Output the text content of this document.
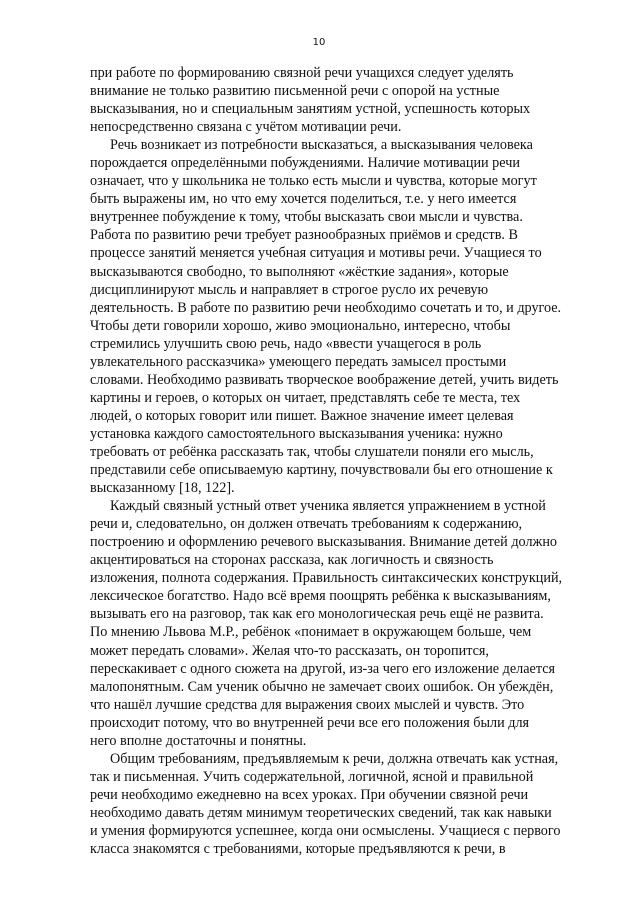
10
при работе по формированию связной речи учащихся следует уделять
внимание не только развитию письменной речи с опорой на устные
высказывания, но и специальным занятиям устной, успешность которых
непосредственно связана с учётом мотивации речи.
Речь возникает из потребности высказаться, а высказывания человека
порождается определёнными побуждениями. Наличие мотивации речи
означает, что у школьника не только есть мысли и чувства, которые могут
быть выражены им, но что ему хочется поделиться, т.е. у него имеется
внутреннее побуждение к тому, чтобы высказать свои мысли и чувства.
Работа по развитию речи требует разнообразных приёмов и средств. В
процессе занятий меняется учебная ситуация и мотивы речи. Учащиеся то
высказываются свободно, то выполняют «жёсткие задания», которые
дисциплинируют мысль и направляет в строгое русло их речевую
деятельность. В работе по развитию речи необходимо сочетать и то, и другое.
Чтобы дети говорили хорошо, живо эмоционально, интересно, чтобы
стремились улучшить свою речь, надо «ввести учащегося в роль
увлекательного рассказчика» умеющего передать замысел простыми
словами. Необходимо развивать творческое воображение детей, учить видеть
картины и героев, о которых он читает, представлять себе те места, тех
людей, о которых говорит или пишет. Важное значение имеет целевая
установка каждого самостоятельного высказывания ученика: нужно
требовать от ребёнка рассказать так, чтобы слушатели поняли его мысль,
представили себе описываемую картину, почувствовали бы его отношение к
высказанному [18, 122].
Каждый связный устный ответ ученика является упражнением в устной
речи и, следовательно, он должен отвечать требованиям к содержанию,
построению и оформлению речевого высказывания. Внимание детей должно
акцентироваться на сторонах рассказа, как логичность и связность
изложения, полнота содержания. Правильность синтаксических конструкций,
лексическое богатство. Надо всё время поощрять ребёнка к высказываниям,
вызывать его на разговор, так как его монологическая речь ещё не развита.
По мнению Львова М.Р., ребёнок «понимает в окружающем больше, чем
может передать словами». Желая что-то рассказать, он торопится,
перескакивает с одного сюжета на другой, из-за чего его изложение делается
малопонятным. Сам ученик обычно не замечает своих ошибок. Он убеждён,
что нашёл лучшие средства для выражения своих мыслей и чувств. Это
происходит потому, что во внутренней речи все его положения были для
него вполне достаточны и понятны.
Общим требованиям, предъявляемым к речи, должна отвечать как устная,
так и письменная. Учить содержательной, логичной, ясной и правильной
речи необходимо ежедневно на всех уроках. При обучении связной речи
необходимо давать детям минимум теоретических сведений, так как навыки
и умения формируются успешнее, когда они осмыслены. Учащиеся с первого
класса знакомятся с требованиями, которые предъявляются к речи, в
